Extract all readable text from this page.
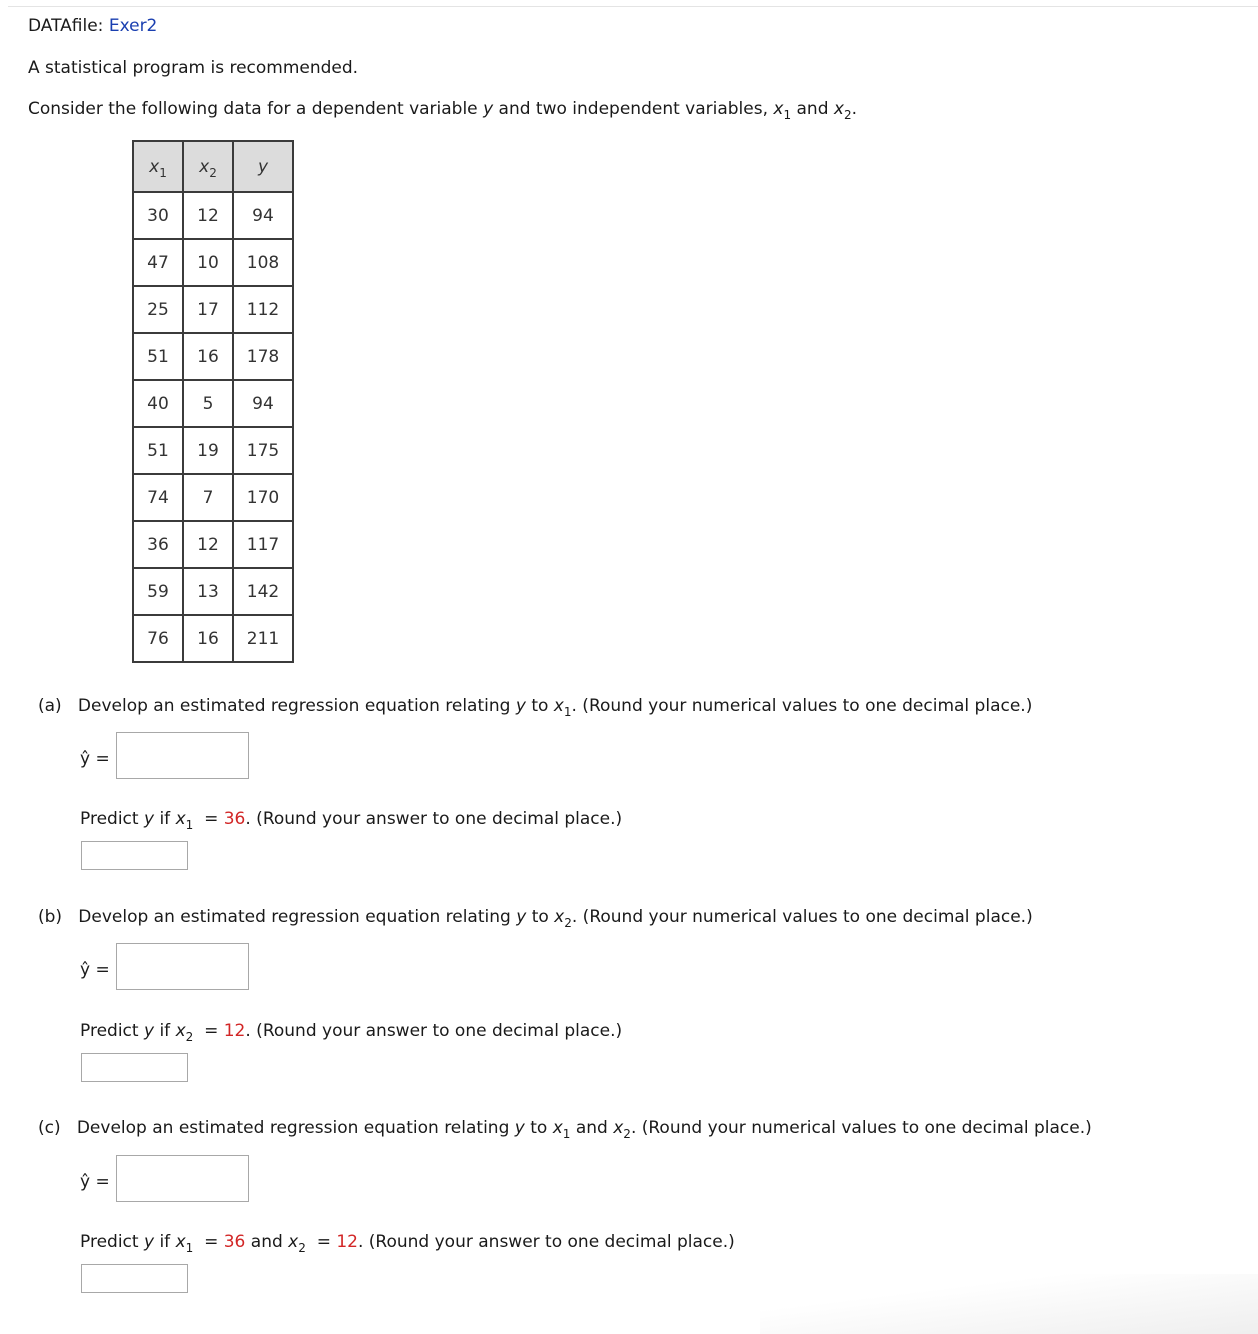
DATAfile: Exer2
A statistical program is recommended.
Consider the following data for a dependent variable y and two independent variables, $x_1$ and $x_2$.
$x_1$	$x_2$	y
30	12	94
47	10	108
25	17	112
51	16	178
40	5	94
51	19	175
74	7	170
36	12	117
59	13	142
76	16	211
(a) Develop an estimated regression equation relating y to $x_1$. (Round your numerical values to one decimal place.)
ŷ =
Predict y if $x_1 = 36$. (Round your answer to one decimal place.)
(b) Develop an estimated regression equation relating y to $x_2$. (Round your numerical values to one decimal place.)
ŷ =
Predict y if $x_2 = 12$. (Round your answer to one decimal place.)
(c) Develop an estimated regression equation relating y to $x_1$ and $x_2$. (Round your numerical values to one decimal place.)
ŷ =
Predict y if $x_1 = 36$ and $x_2 = 12$. (Round your answer to one decimal place.)
